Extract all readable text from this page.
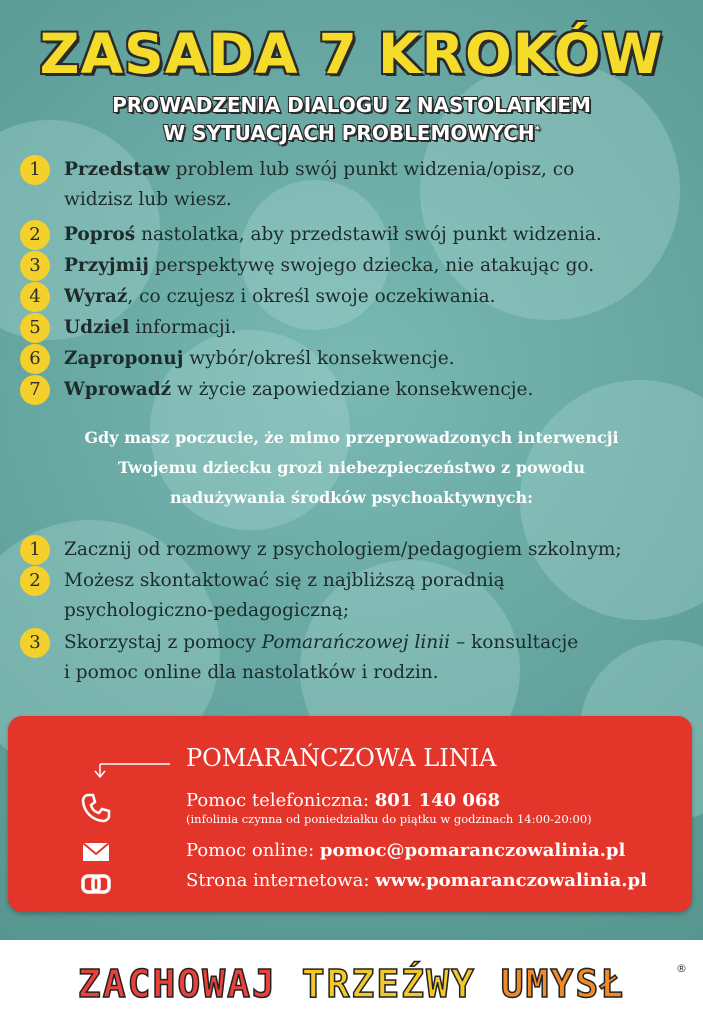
ZASADA 7 KROKÓW
PROWADZENIA DIALOGU Z NASTOLATKIEM
W SYTUACJACH PROBLEMOWYCH*
1	Przedstaw problem lub swój punkt widzenia/opisz, co
widzisz lub wiesz.
2	Poproś nastolatka, aby przedstawił swój punkt widzenia.
3	Przyjmij perspektywę swojego dziecka, nie atakując go.
4	Wyraź, co czujesz i określ swoje oczekiwania.
5	Udziel informacji.
6	Zaproponuj wybór/określ konsekwencje.
7	Wprowadź w życie zapowiedziane konsekwencje.
Gdy masz poczucie, że mimo przeprowadzonych interwencji
Twojemu dziecku grozi niebezpieczeństwo z powodu
nadużywania środków psychoaktywnych:
1	Zacznij od rozmowy z psychologiem/pedagogiem szkolnym;
2	Możesz skontaktować się z najbliższą poradnią
psychologiczno-pedagogiczną;
3	Skorzystaj z pomocy Pomarańczowej linii – konsultacje
i pomoc online dla nastolatków i rodzin.
POMARAŃCZOWA LINIA
Pomoc telefoniczna: 801 140 068
(infolinia czynna od poniedziałku do piątku w godzinach 14:00-20:00)
Pomoc online: pomoc@pomaranczowalinia.pl
Strona internetowa: www.pomaranczowalinia.pl
ZACHOWAJ TRZEŹWY UMYSŁ	®
